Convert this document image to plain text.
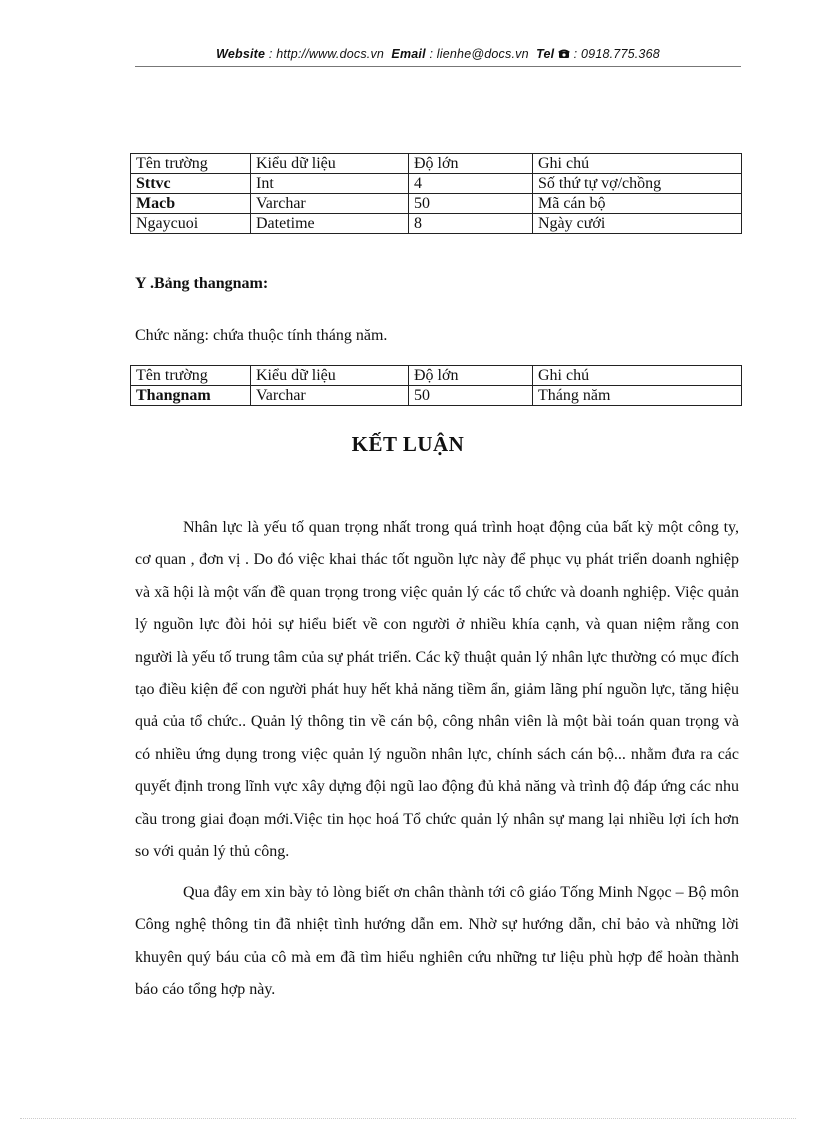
Website : http://www.docs.vn Email : lienhe@docs.vn Tel  : 0918.775.368
Tên trường	Kiểu dữ liệu	Độ lớn	Ghi chú
Sttvc	Int	4	Số thứ tự vợ/chồng
Macb	Varchar	50	Mã cán bộ
Ngaycuoi	Datetime	8	Ngày cưới
Y .Bảng thangnam:
Chức năng: chứa thuộc tính tháng năm.
Tên trường	Kiểu dữ liệu	Độ lớn	Ghi chú
Thangnam	Varchar	50	Tháng năm
KẾT LUẬN

Nhân lực là yếu tố quan trọng nhất trong quá trình hoạt động của bất kỳ một công ty, cơ quan , đơn vị . Do đó việc khai thác tốt nguồn lực này để phục vụ phát triển doanh nghiệp và xã hội là một vấn đề quan trọng trong việc quản lý các tổ chức và doanh nghiệp. Việc quản lý nguồn lực đòi hỏi sự hiểu biết về con người ở nhiều khía cạnh, và quan niệm rằng con người là yếu tố trung tâm của sự phát triển. Các kỹ thuật quản lý nhân lực thường có mục đích tạo điều kiện để con người phát huy hết khả năng tiềm ẩn, giảm lãng phí nguồn lực, tăng hiệu quả của tổ chức.. Quản lý thông tin về cán bộ, công nhân viên là một bài toán quan trọng và có nhiều ứng dụng trong việc quản lý nguồn nhân lực, chính sách cán bộ... nhằm đưa ra các quyết định trong lĩnh vực xây dựng đội ngũ lao động đủ khả năng và trình độ đáp ứng các nhu cầu trong giai đoạn mới.Việc tin học hoá Tổ chức quản lý nhân sự mang lại nhiều lợi ích hơn so với quản lý thủ công.

Qua đây em xin bày tỏ lòng biết ơn chân thành tới cô giáo Tống Minh Ngọc – Bộ môn Công nghệ thông tin đã nhiệt tình hướng dẫn em. Nhờ sự hướng dẫn, chỉ bảo và những lời khuyên quý báu của cô mà em đã tìm hiểu nghiên cứu những tư liệu phù hợp để hoàn thành báo cáo tổng hợp này.
